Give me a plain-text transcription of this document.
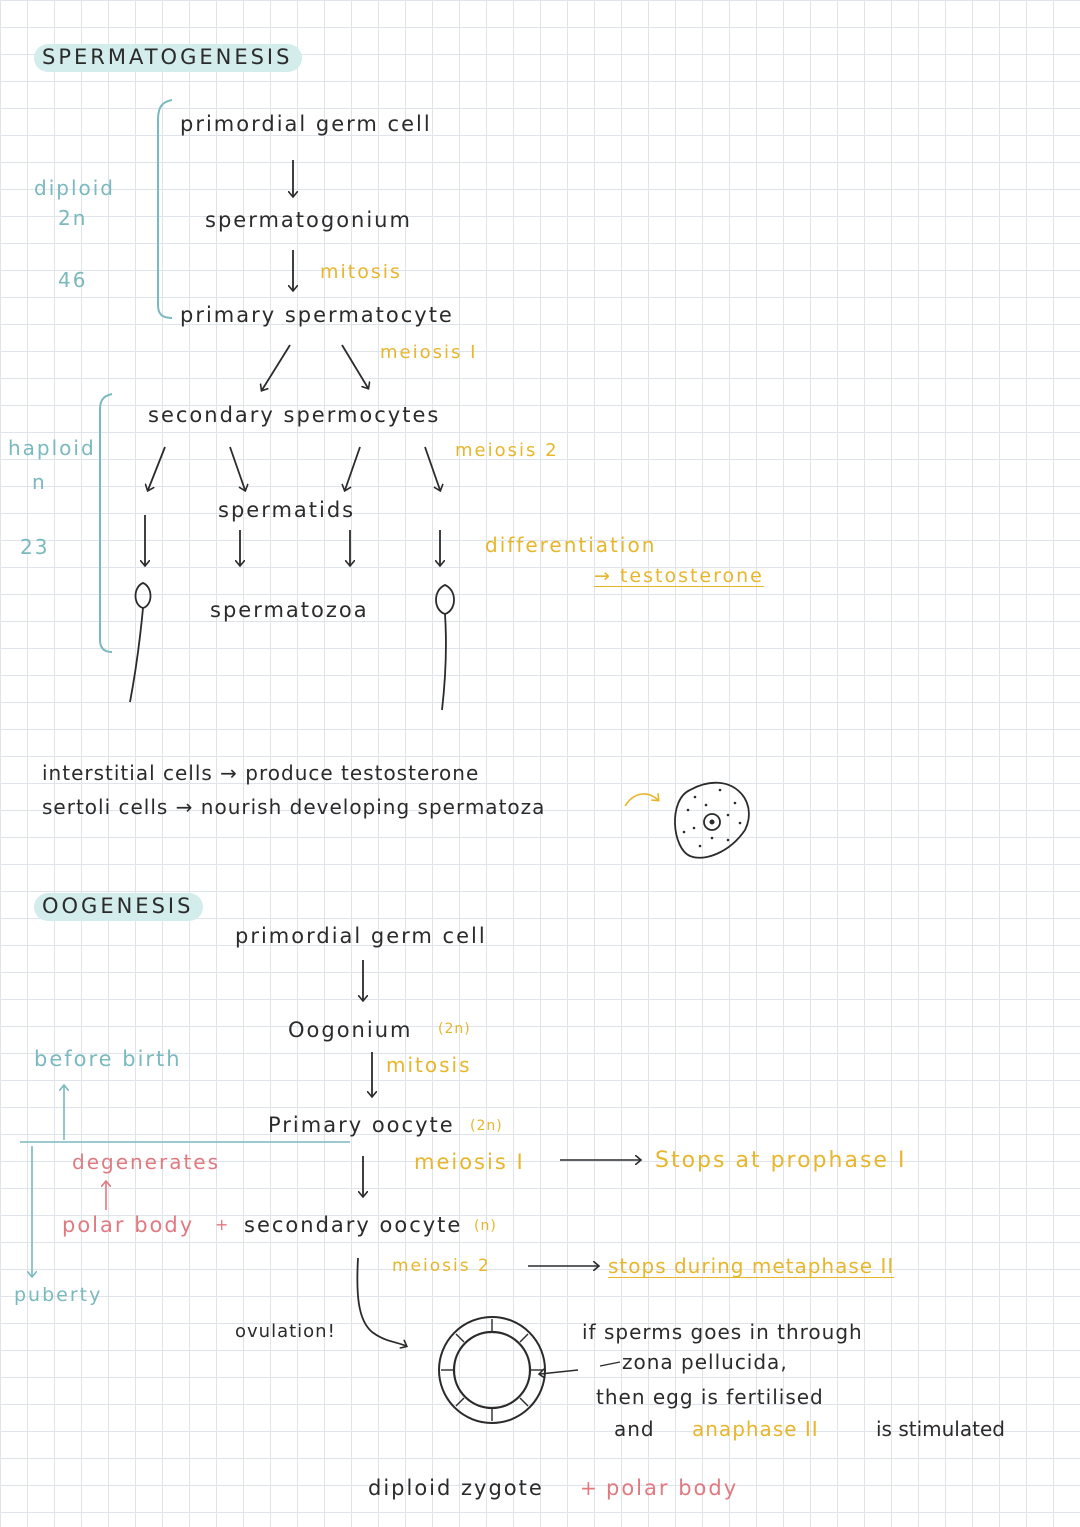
SPERMATOGENESIS
diploid
2n
46
primordial germ cell
spermatogonium
mitosis
primary spermatocyte
meiosis I
secondary spermocytes
haploid
n
23
meiosis 2
spermatids
differentiation
→ testosterone
spermatozoa
interstitial cells → produce testosterone
sertoli cells → nourish developing spermatoza
OOGENESIS
primordial germ cell
Oogonium (2n)
mitosis
before birth
Primary oocyte (2n)
degenerates	meiosis I	Stops at prophase I
polar body + secondary oocyte (n)
meiosis 2	stops during metaphase II
puberty
ovulation!	if sperms goes in through
zona pellucida,
then egg is fertilised
and anaphase II	is stimulated
diploid zygote + polar body
